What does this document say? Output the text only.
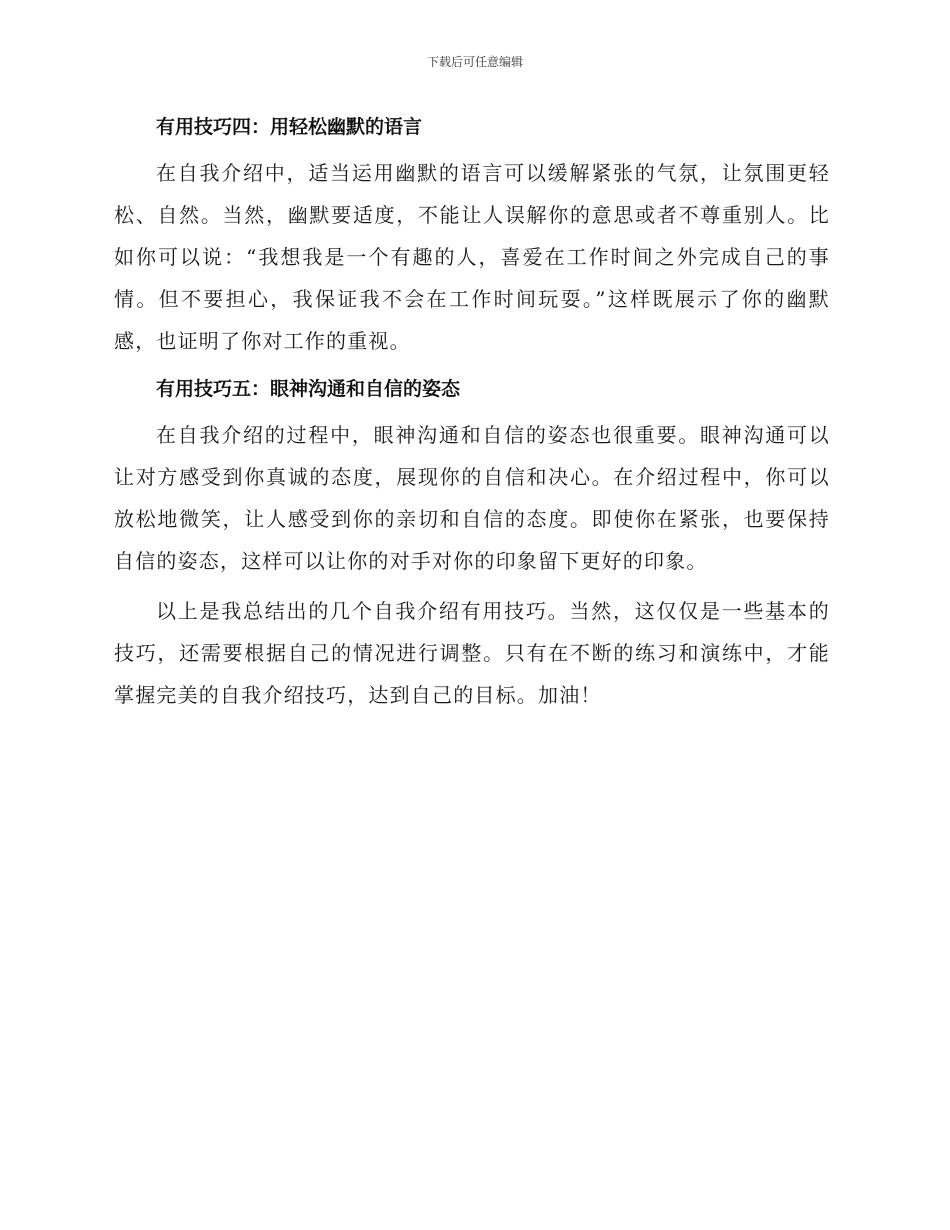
下载后可任意编辑
有用技巧四：用轻松幽默的语言

在自我介绍中，适当运用幽默的语言可以缓解紧张的气氛，让氛围更轻松、自然。当然，幽默要适度，不能让人误解你的意思或者不尊重别人。比如你可以说：“我想我是一个有趣的人，喜爱在工作时间之外完成自己的事情。但不要担心，我保证我不会在工作时间玩耍。”这样既展示了你的幽默感，也证明了你对工作的重视。

有用技巧五：眼神沟通和自信的姿态

在自我介绍的过程中，眼神沟通和自信的姿态也很重要。眼神沟通可以让对方感受到你真诚的态度，展现你的自信和决心。在介绍过程中，你可以放松地微笑，让人感受到你的亲切和自信的态度。即使你在紧张，也要保持自信的姿态，这样可以让你的对手对你的印象留下更好的印象。

以上是我总结出的几个自我介绍有用技巧。当然，这仅仅是一些基本的技巧，还需要根据自己的情况进行调整。只有在不断的练习和演练中，才能掌握完美的自我介绍技巧，达到自己的目标。加油！
